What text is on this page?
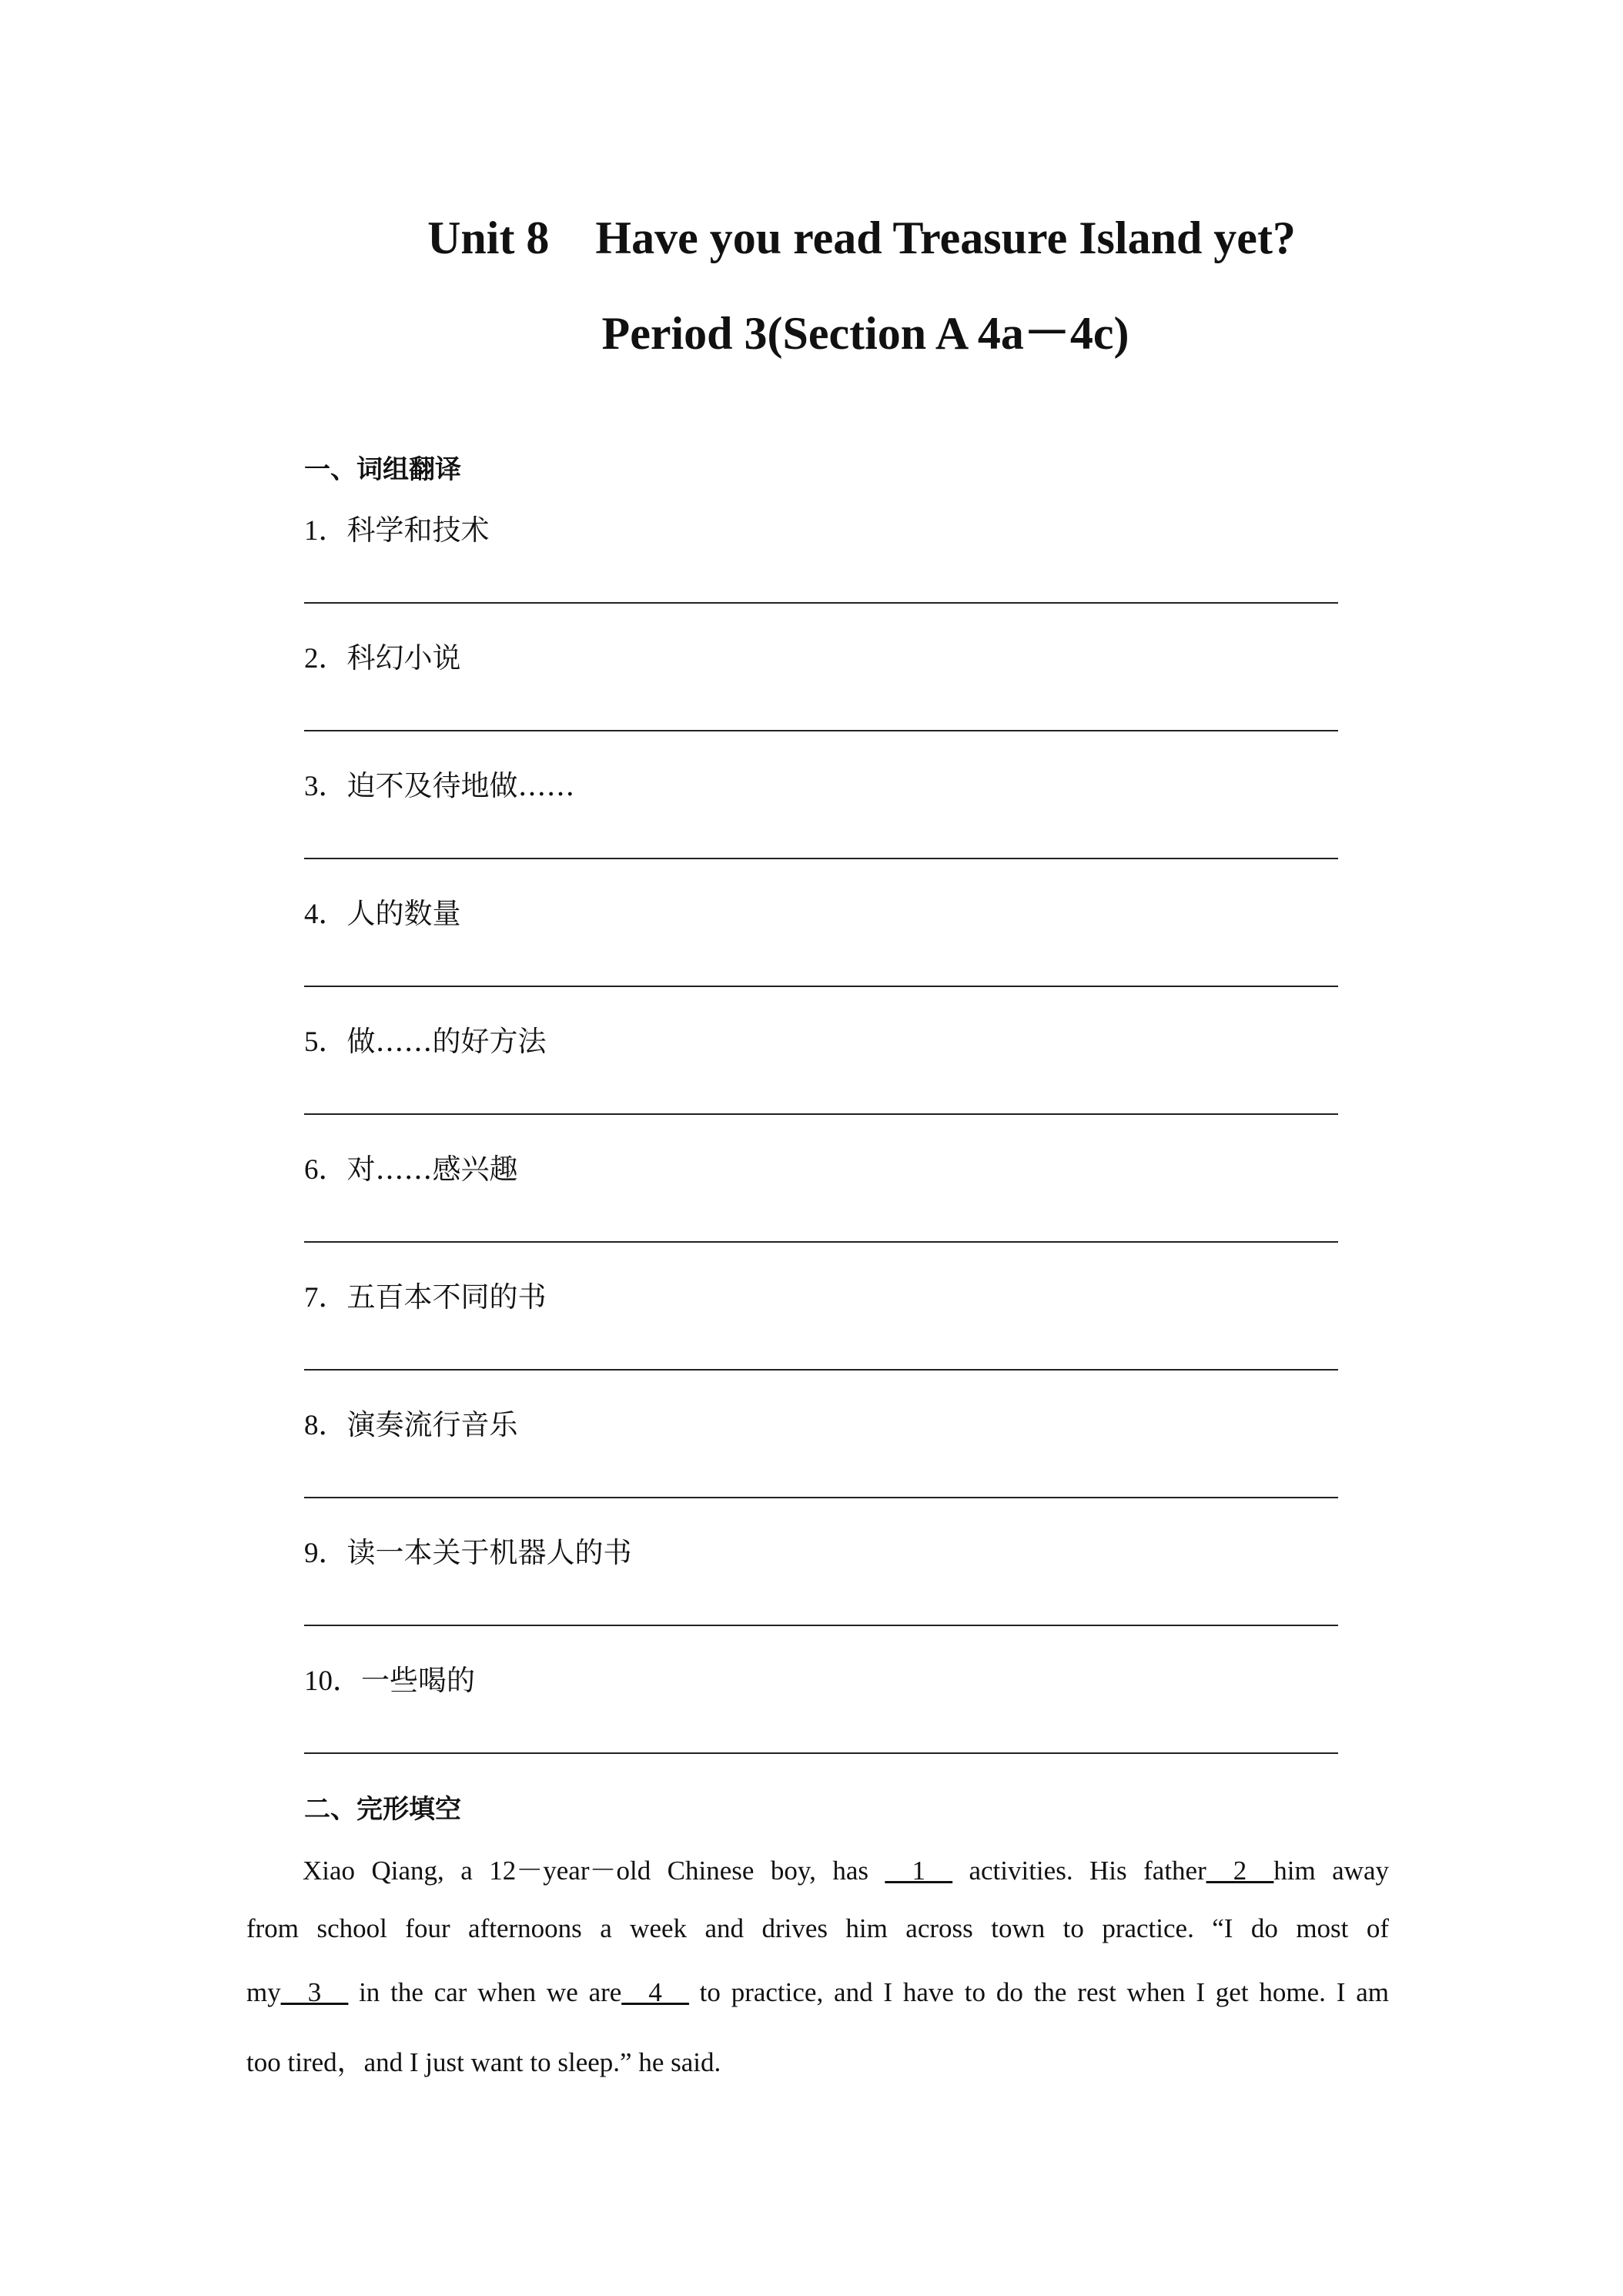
Unit 8    Have you read Treasure Island yet?
Period 3(Section A 4a－4c)
一、词组翻译
1．科学和技术
2．科幻小说
3．迫不及待地做……
4．人的数量
5．做……的好方法
6．对……感兴趣
7．五百本不同的书
8．演奏流行音乐
9．读一本关于机器人的书
10．一些喝的
二、完形填空
Xiao Qiang, a 12－year－old Chinese boy, has __1__ activities. His father__2__him away
from school four afternoons a week and drives him across town to practice. “I do most of
my__3__ in the car when we are__4__ to practice, and I have to do the rest when I get home. I am
too tired，and I just want to sleep.” he said.
